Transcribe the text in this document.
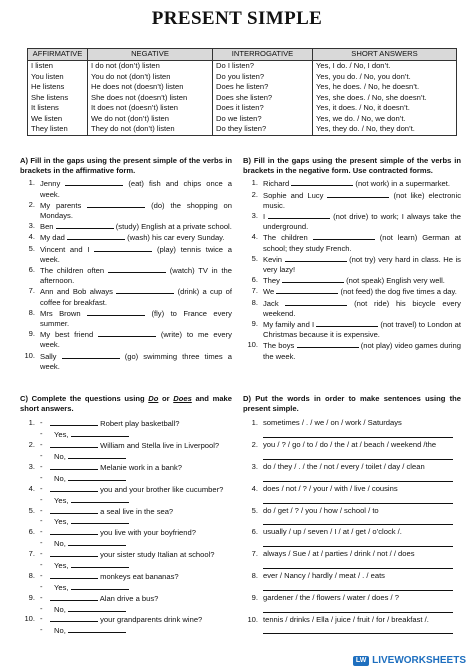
PRESENT SIMPLE
AFFIRMATIVE	NEGATIVE	INTERROGATIVE	SHORT ANSWERS
I listen	I do not (don’t) listen	Do I listen?	Yes, I do. / No, I don’t.
You listen	You do not (don’t) listen	Do you listen?	Yes, you do. / No, you don’t.
He listens	He does not (doesn’t) listen	Does he listen?	Yes, he does. / No, he doesn’t.
She listens	She does not (doesn’t) listen	Does she listen?	Yes, she does. / No, she doesn’t.
It listens	It does not (doesn’t) listen	Does it listen?	Yes, it does. / No, it doesn’t.
We listen	We do not (don’t) listen	Do we listen?	Yes, we do. / No, we don’t.
They listen	They do not (don’t) listen	Do they listen?	Yes, they do. / No, they don’t.
A) Fill in the gaps using the present simple of the verbs in brackets in the affirmative form.
1. Jenny	(eat) fish and chips once a week.
2. My parents	(do) the shopping on Mondays.
3. Ben	(study) English at a private school.
4. My dad	(wash) his car every Sunday.
5. Vincent and I	(play) tennis twice a week.
6. The children often	(watch) TV in the afternoon.
7. Ann and Bob always	(drink) a cup of coffee for breakfast.
8. Mrs Brown	(fly) to France every summer.
9. My best friend	(write) to me every week.
10. Sally	(go) swimming three times a week.
B) Fill in the gaps using the present simple of the verbs in brackets in the negative form. Use contracted forms.
1. Richard	(not work) in a supermarket.
2. Sophie and Lucy	(not like) electronic music.
3. I	(not drive) to work; I always take the underground.
4. The children	(not learn) German at school; they study French.
5. Kevin	(not try) very hard in class. He is very lazy!
6. They	(not speak) English very well.
7. We	(not feed) the dog five times a day.
8. Jack	(not ride) his bicycle every weekend.
9. My family and I	(not travel) to London at Christmas because it is expensive.
10. The boys	(not play) video games during the week.
C) Complete the questions using Do or Does and make short answers.
1. -	Robert play basketball?
-	Yes,
2. -	William and Stella live in Liverpool?
-	No,
3. -	Melanie work in a bank?
-	No,
4. -	you and your brother like cucumber?
-	Yes,
5. -	a seal live in the sea?
-	Yes,
6. -	you live with your boyfriend?
-	No,
7. -	your sister study Italian at school?
-	Yes,
8. -	monkeys eat bananas?
-	Yes,
9. -	Alan drive a bus?
-	No,
10. -	your grandparents drink wine?
-	No,
D) Put the words in order to make sentences using the present simple.
1. sometimes / . / we / on / work / Saturdays
2. you / ? / go / to / do / the / at / beach / weekend /the
3. do / they / . / the / not / every / toilet / day / clean
4. does / not / ? / your / with / live / cousins
5. do / get / ? / you / how / school / to
6. usually / up / seven / I / at / get / o’clock /.
7. always / Sue / at / parties / drink / not / / does
8. ever / Nancy / hardly / meat / . / eats
9. gardener / the / flowers / water / does / ?
10. tennis / drinks / Ella / juice / fruit / for / breakfast /.
LW LIVEWORKSHEETS
